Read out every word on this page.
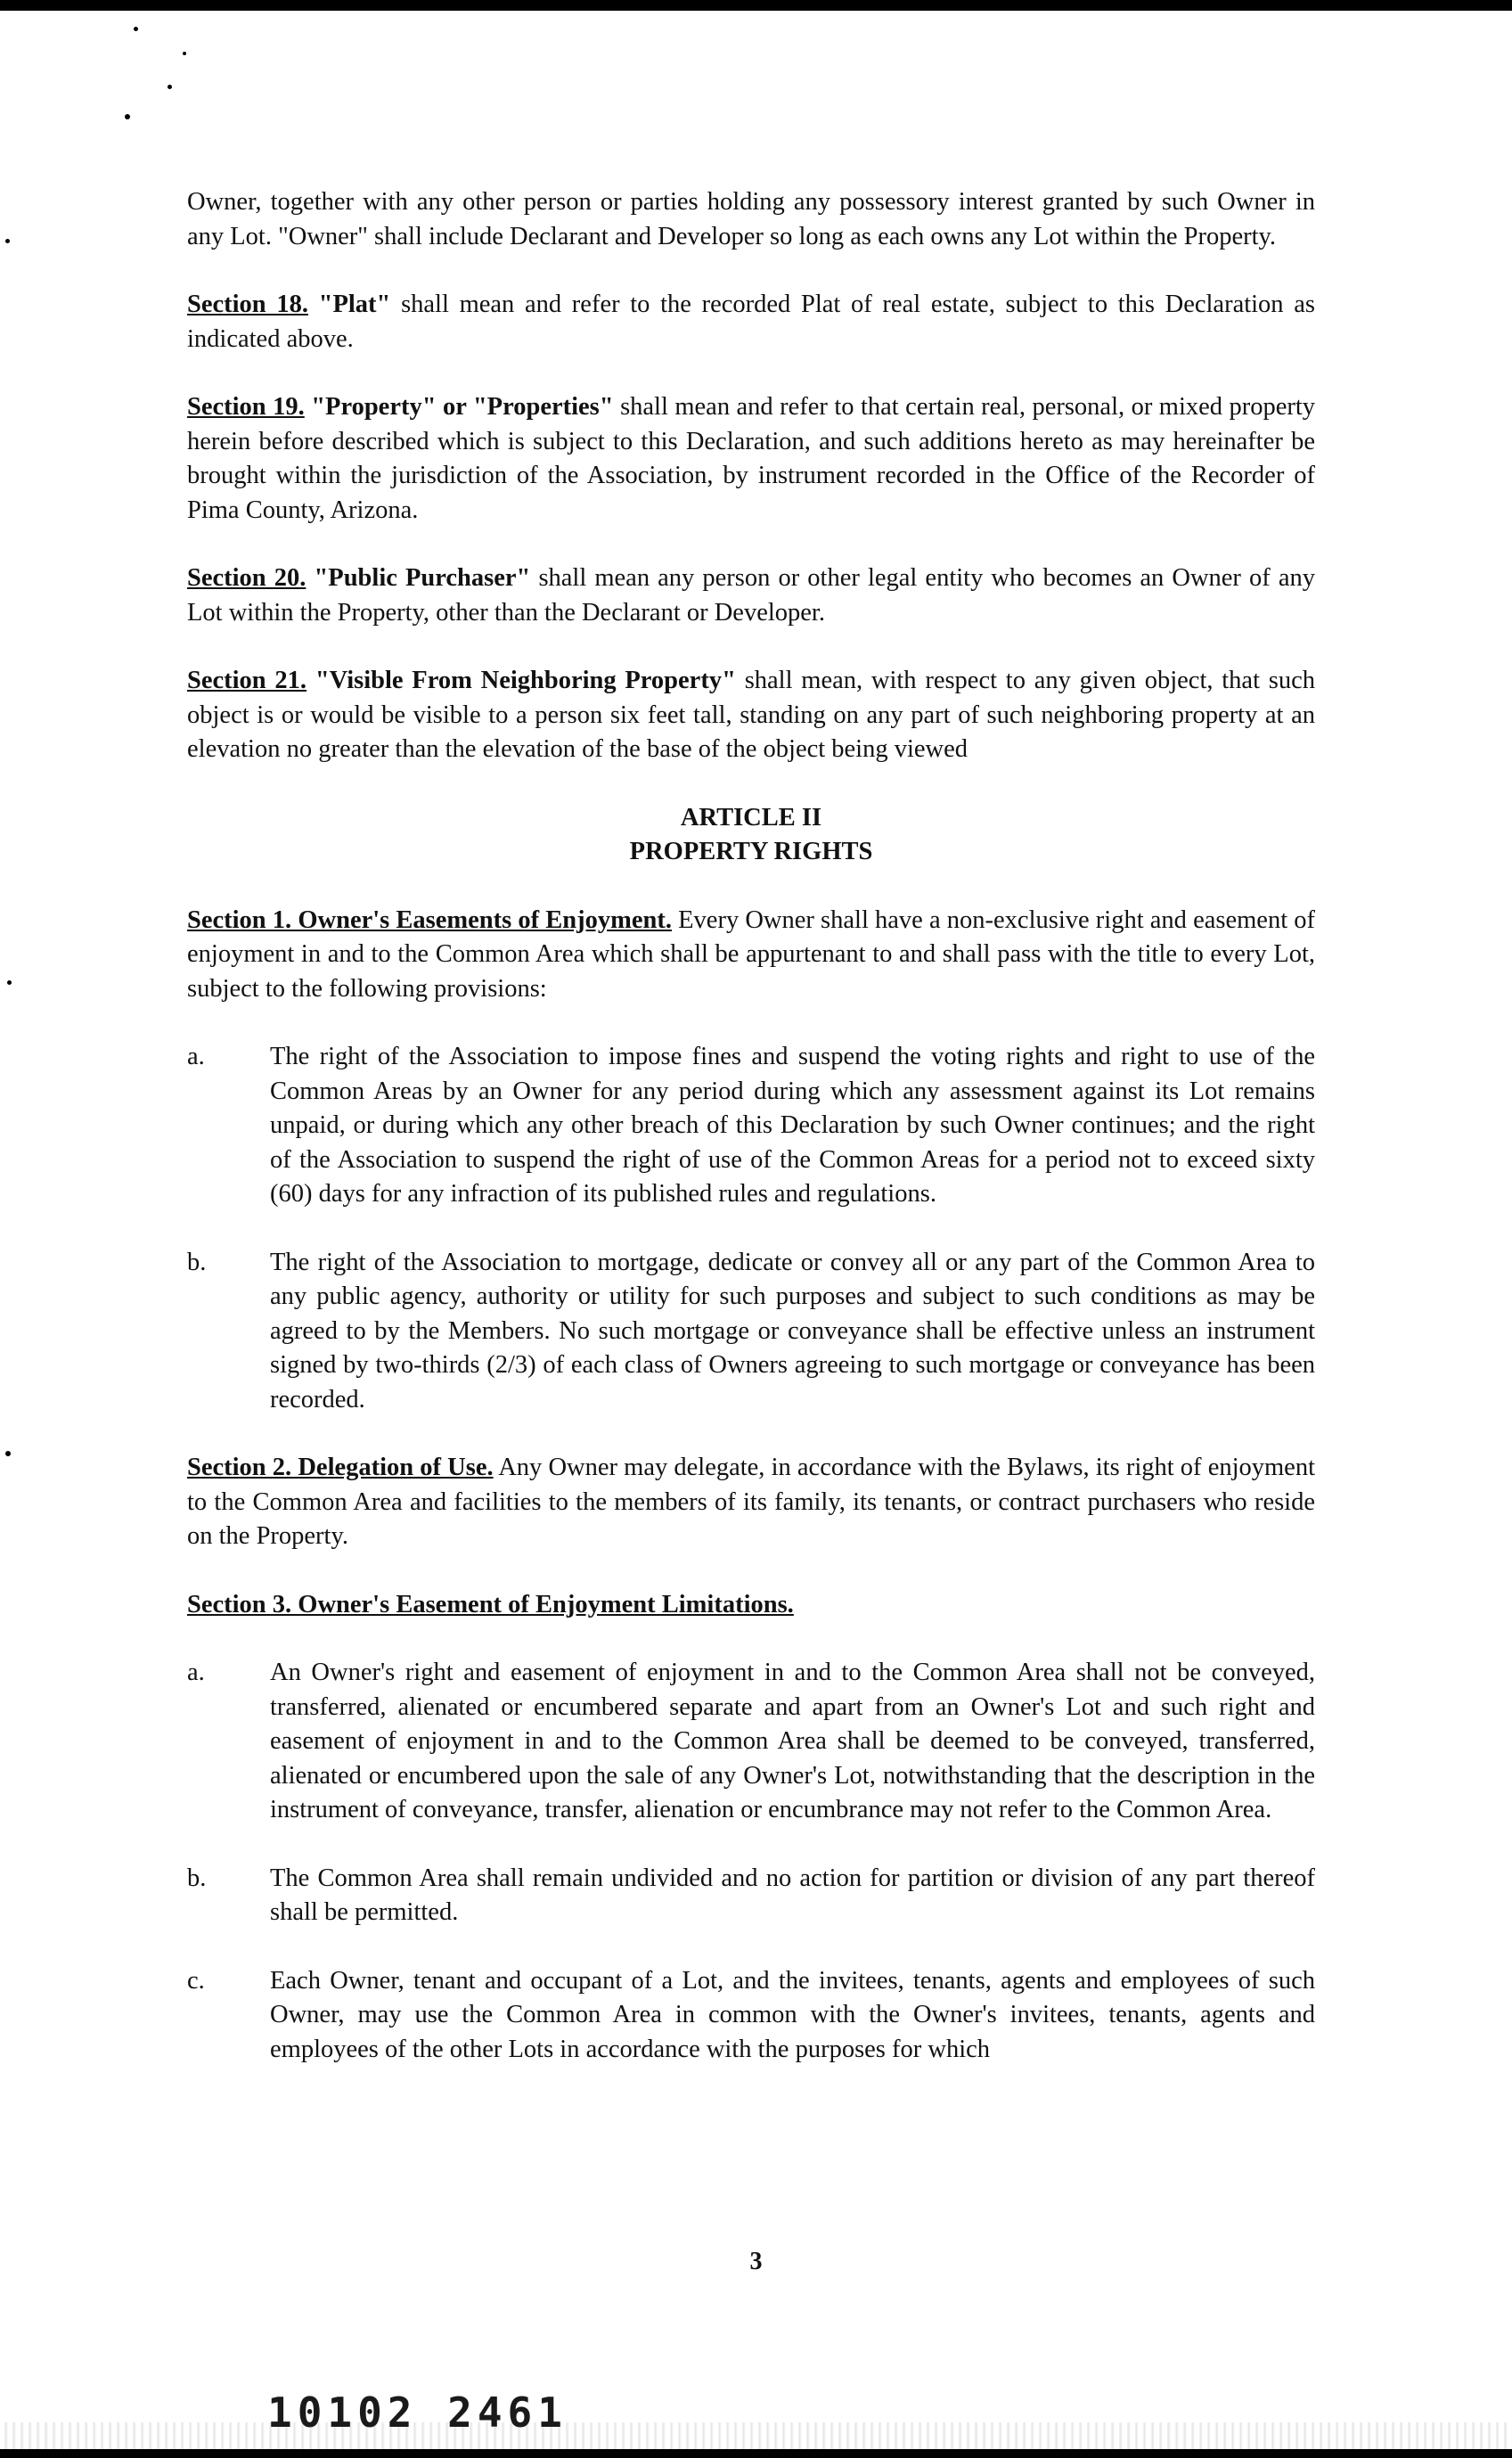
Owner, together with any other person or parties holding any possessory interest granted by such Owner in any Lot. "Owner" shall include Declarant and Developer so long as each owns any Lot within the Property.

Section 18. "Plat" shall mean and refer to the recorded Plat of real estate, subject to this Declaration as indicated above.

Section 19. "Property" or "Properties" shall mean and refer to that certain real, personal, or mixed property herein before described which is subject to this Declaration, and such additions hereto as may hereinafter be brought within the jurisdiction of the Association, by instrument recorded in the Office of the Recorder of Pima County, Arizona.

Section 20. "Public Purchaser" shall mean any person or other legal entity who becomes an Owner of any Lot within the Property, other than the Declarant or Developer.

Section 21. "Visible From Neighboring Property" shall mean, with respect to any given object, that such object is or would be visible to a person six feet tall, standing on any part of such neighboring property at an elevation no greater than the elevation of the base of the object being viewed

ARTICLE II
PROPERTY RIGHTS

Section 1. Owner's Easements of Enjoyment. Every Owner shall have a non-exclusive right and easement of enjoyment in and to the Common Area which shall be appurtenant to and shall pass with the title to every Lot, subject to the following provisions:

a.	The right of the Association to impose fines and suspend the voting rights and right to use of the Common Areas by an Owner for any period during which any assessment against its Lot remains unpaid, or during which any other breach of this Declaration by such Owner continues; and the right of the Association to suspend the right of use of the Common Areas for a period not to exceed sixty (60) days for any infraction of its published rules and regulations.
b.	The right of the Association to mortgage, dedicate or convey all or any part of the Common Area to any public agency, authority or utility for such purposes and subject to such conditions as may be agreed to by the Members. No such mortgage or conveyance shall be effective unless an instrument signed by two-thirds (2/3) of each class of Owners agreeing to such mortgage or conveyance has been recorded.

Section 2. Delegation of Use. Any Owner may delegate, in accordance with the Bylaws, its right of enjoyment to the Common Area and facilities to the members of its family, its tenants, or contract purchasers who reside on the Property.

Section 3. Owner's Easement of Enjoyment Limitations.

a.	An Owner's right and easement of enjoyment in and to the Common Area shall not be conveyed, transferred, alienated or encumbered separate and apart from an Owner's Lot and such right and easement of enjoyment in and to the Common Area shall be deemed to be conveyed, transferred, alienated or encumbered upon the sale of any Owner's Lot, notwithstanding that the description in the instrument of conveyance, transfer, alienation or encumbrance may not refer to the Common Area.
b.	The Common Area shall remain undivided and no action for partition or division of any part thereof shall be permitted.
c.	Each Owner, tenant and occupant of a Lot, and the invitees, tenants, agents and employees of such Owner, may use the Common Area in common with the Owner's invitees, tenants, agents and employees of the other Lots in accordance with the purposes for which
3
10102 2461
